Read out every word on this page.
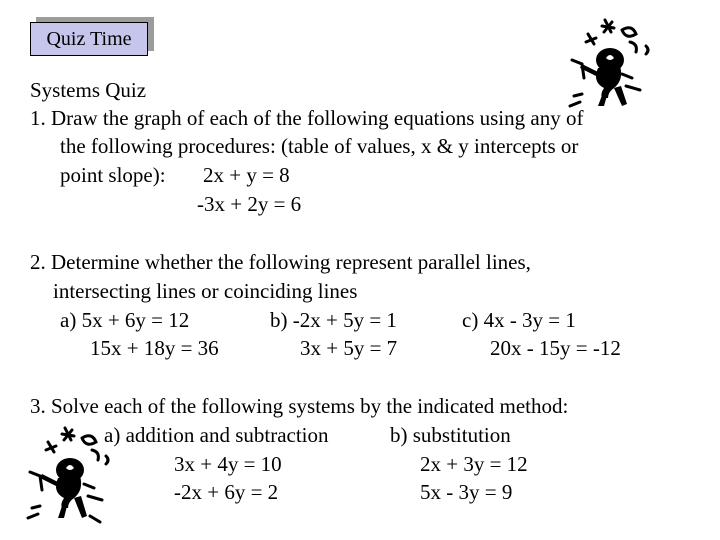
Quiz Time
Systems Quiz
1. Draw the graph of each of the following equations using any of
the following procedures: (table of values, x & y intercepts or
point slope): 2x + y = 8
-3x + 2y = 6
2. Determine whether the following represent parallel lines,
intersecting lines or coinciding lines
a) 5x + 6y = 12
15x + 18y = 36
b) -2x + 5y = 1
3x + 5y = 7
c) 4x - 3y = 1
20x - 15y = -12
3. Solve each of the following systems by the indicated method:
a) addition and subtraction	b) substitution
3x + 4y = 10
-2x + 6y = 2
2x + 3y = 12
5x - 3y = 9
